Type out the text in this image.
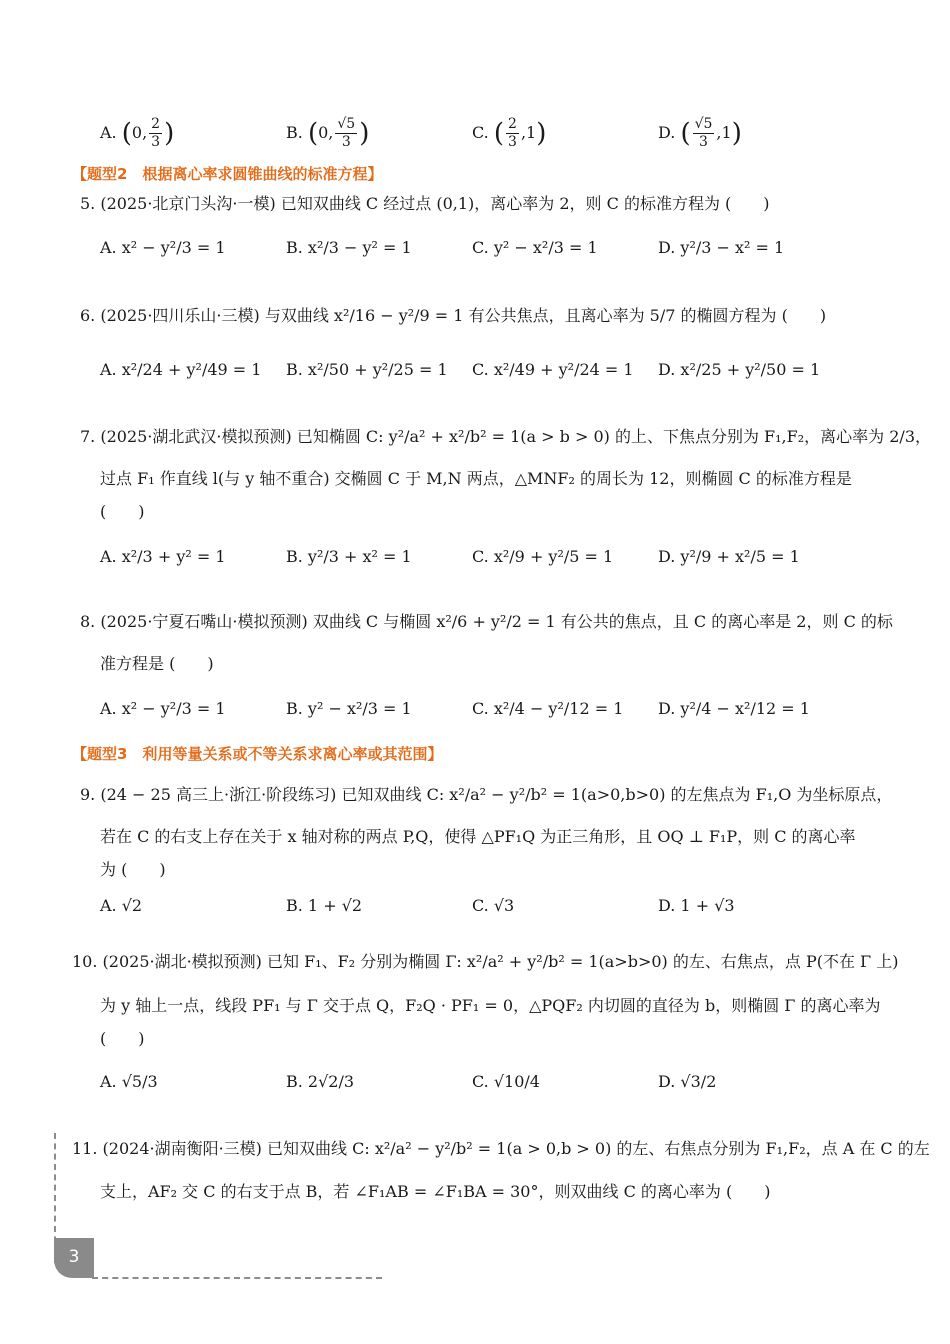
A. (0, $\frac{2}{3}$ )	B. (0, $\frac{√5}{3}$ )	C. ( $\frac{2}{3} ,1$)	D. ( $\frac{√5}{3} ,1$)
【题型2　根据离心率求圆锥曲线的标准方程】
5. (2025·北京门头沟·一模) 已知双曲线 C 经过点 (0,1)，离心率为 2，则 C 的标准方程为 (　　)
A. x² − y²/3 = 1	B. x²/3 − y² = 1	C. y² − x²/3 = 1	D. y²/3 − x² = 1
6. (2025·四川乐山·三模) 与双曲线 x²/16 − y²/9 = 1 有公共焦点，且离心率为 5/7 的椭圆方程为 (　　)
A. x²/24 + y²/49 = 1 B. x²/50 + y²/25 = 1 C. x²/49 + y²/24 = 1 D. x²/25 + y²/50 = 1
7. (2025·湖北武汉·模拟预测) 已知椭圆 C: y²/a² + x²/b² = 1(a > b > 0) 的上、下焦点分别为 F₁,F₂，离心率为 2/3，
过点 F₁ 作直线 l(与 y 轴不重合) 交椭圆 C 于 M,N 两点，△MNF₂ 的周长为 12，则椭圆 C 的标准方程是
(　　)
A. x²/3 + y² = 1	B. y²/3 + x² = 1	C. x²/9 + y²/5 = 1	D. y²/9 + x²/5 = 1
8. (2025·宁夏石嘴山·模拟预测) 双曲线 C 与椭圆 x²/6 + y²/2 = 1 有公共的焦点，且 C 的离心率是 2，则 C 的标
准方程是 (　　)
A. x² − y²/3 = 1	B. y² − x²/3 = 1	C. x²/4 − y²/12 = 1 D. y²/4 − x²/12 = 1
【题型3　利用等量关系或不等关系求离心率或其范围】
9. (24 − 25 高三上·浙江·阶段练习) 已知双曲线 C: x²/a² − y²/b² = 1(a>0,b>0) 的左焦点为 F₁,O 为坐标原点，
若在 C 的右支上存在关于 x 轴对称的两点 P,Q，使得 △PF₁Q 为正三角形，且 OQ ⊥ F₁P，则 C 的离心率
为 (　　)
A. √2	B. 1 + √2	C. √3	D. 1 + √3
10. (2025·湖北·模拟预测) 已知 F₁、F₂ 分别为椭圆 Γ: x²/a² + y²/b² = 1(a>b>0) 的左、右焦点，点 P(不在 Γ 上)
为 y 轴上一点，线段 PF₁ 与 Γ 交于点 Q，F₂Q · PF₁ = 0，△PQF₂ 内切圆的直径为 b，则椭圆 Γ 的离心率为
(　　)
A. √5/3	B. 2√2/3	C. √10/4	D. √3/2
11. (2024·湖南衡阳·三模) 已知双曲线 C: x²/a² − y²/b² = 1(a > 0,b > 0) 的左、右焦点分别为 F₁,F₂，点 A 在 C 的左
支上，AF₂ 交 C 的右支于点 B，若 ∠F₁AB = ∠F₁BA = 30°，则双曲线 C 的离心率为 (　　)
3
